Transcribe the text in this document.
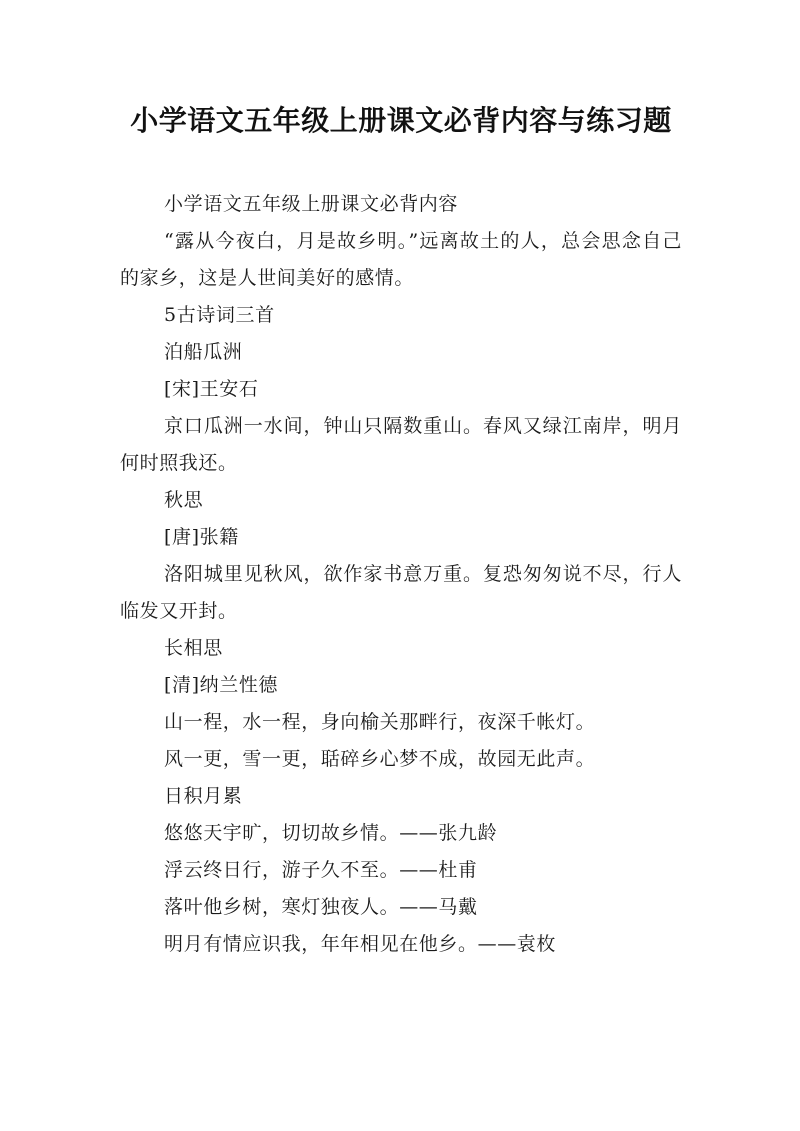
小学语文五年级上册课文必背内容与练习题

小学语文五年级上册课文必背内容

“露从今夜白，月是故乡明。”远离故土的人，总会思念自己的家乡，这是人世间美好的感情。

5古诗词三首

泊船瓜洲

[宋]王安石

京口瓜洲一水间，钟山只隔数重山。春风又绿江南岸，明月何时照我还。

秋思

[唐]张籍

洛阳城里见秋风，欲作家书意万重。复恐匆匆说不尽，行人临发又开封。

长相思

[清]纳兰性德

山一程，水一程，身向榆关那畔行，夜深千帐灯。

风一更，雪一更，聒碎乡心梦不成，故园无此声。

日积月累

悠悠天宇旷，切切故乡情。——张九龄

浮云终日行，游子久不至。——杜甫

落叶他乡树，寒灯独夜人。——马戴

明月有情应识我，年年相见在他乡。——袁枚
